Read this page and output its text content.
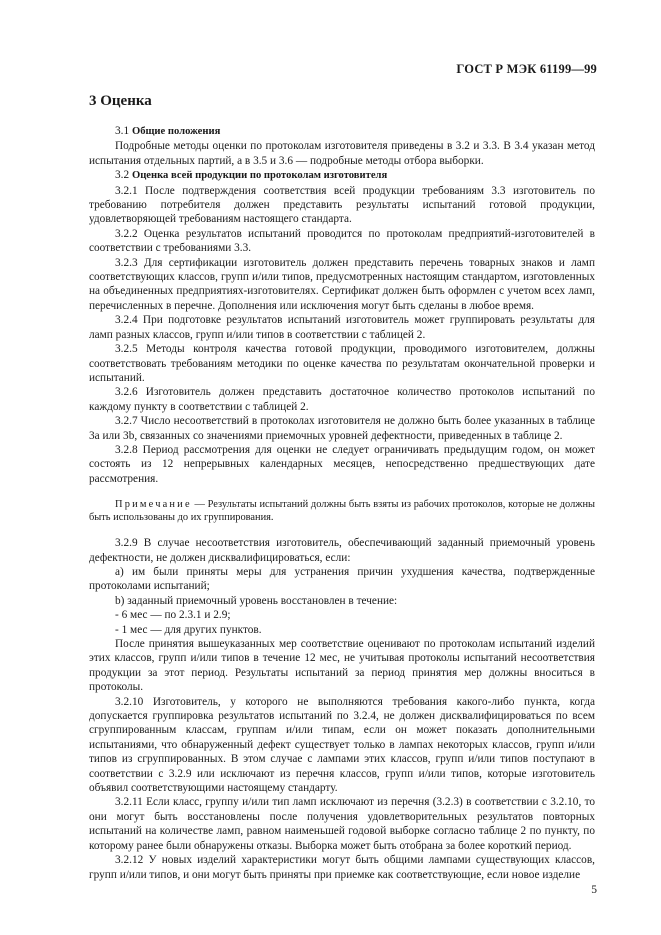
ГОСТ Р МЭК 61199—99
3 Оценка

3.1 Общие положения

Подробные методы оценки по протоколам изготовителя приведены в 3.2 и 3.3. В 3.4 указан метод испытания отдельных партий, а в 3.5 и 3.6 — подробные методы отбора выборки.

3.2 Оценка всей продукции по протоколам изготовителя

3.2.1 После подтверждения соответствия всей продукции требованиям 3.3 изготовитель по требованию потребителя должен представить результаты испытаний готовой продукции, удовлетворяющей требованиям настоящего стандарта.

3.2.2 Оценка результатов испытаний проводится по протоколам предприятий-изготовителей в соответствии с требованиями 3.3.

3.2.3 Для сертификации изготовитель должен представить перечень товарных знаков и ламп соответствующих классов, групп и/или типов, предусмотренных настоящим стандартом, изготовленных на объединенных предприятиях-изготовителях. Сертификат должен быть оформлен с учетом всех ламп, перечисленных в перечне. Дополнения или исключения могут быть сделаны в любое время.

3.2.4 При подготовке результатов испытаний изготовитель может группировать результаты для ламп разных классов, групп и/или типов в соответствии с таблицей 2.

3.2.5 Методы контроля качества готовой продукции, проводимого изготовителем, должны соответствовать требованиям методики по оценке качества по результатам окончательной проверки и испытаний.

3.2.6 Изготовитель должен представить достаточное количество протоколов испытаний по каждому пункту в соответствии с таблицей 2.

3.2.7 Число несоответствий в протоколах изготовителя не должно быть более указанных в таблице 3а или 3b, связанных со значениями приемочных уровней дефектности, приведенных в таблице 2.

3.2.8 Период рассмотрения для оценки не следует ограничивать предыдущим годом, он может состоять из 12 непрерывных календарных месяцев, непосредственно предшествующих дате рассмотрения.

Примечание — Результаты испытаний должны быть взяты из рабочих протоколов, которые не должны быть использованы до их группирования.

3.2.9 В случае несоответствия изготовитель, обеспечивающий заданный приемочный уровень дефектности, не должен дисквалифицироваться, если:

а) им были приняты меры для устранения причин ухудшения качества, подтвержденные протоколами испытаний;

b) заданный приемочный уровень восстановлен в течение:

- 6 мес — по 2.3.1 и 2.9;

- 1 мес — для других пунктов.

После принятия вышеуказанных мер соответствие оценивают по протоколам испытаний изделий этих классов, групп и/или типов в течение 12 мес, не учитывая протоколы испытаний несоответствия продукции за этот период. Результаты испытаний за период принятия мер должны вноситься в протоколы.

3.2.10 Изготовитель, у которого не выполняются требования какого-либо пункта, когда допускается группировка результатов испытаний по 3.2.4, не должен дисквалифицироваться по всем сгруппированным классам, группам и/или типам, если он может показать дополнительными испытаниями, что обнаруженный дефект существует только в лампах некоторых классов, групп и/или типов из сгруппированных. В этом случае с лампами этих классов, групп и/или типов поступают в соответствии с 3.2.9 или исключают из перечня классов, групп и/или типов, которые изготовитель объявил соответствующими настоящему стандарту.

3.2.11 Если класс, группу и/или тип ламп исключают из перечня (3.2.3) в соответствии с 3.2.10, то они могут быть восстановлены после получения удовлетворительных результатов повторных испытаний на количестве ламп, равном наименьшей годовой выборке согласно таблице 2 по пункту, по которому ранее были обнаружены отказы. Выборка может быть отобрана за более короткий период.

3.2.12 У новых изделий характеристики могут быть общими лампами существующих классов, групп и/или типов, и они могут быть приняты при приемке как соответствующие, если новое изделие

5
